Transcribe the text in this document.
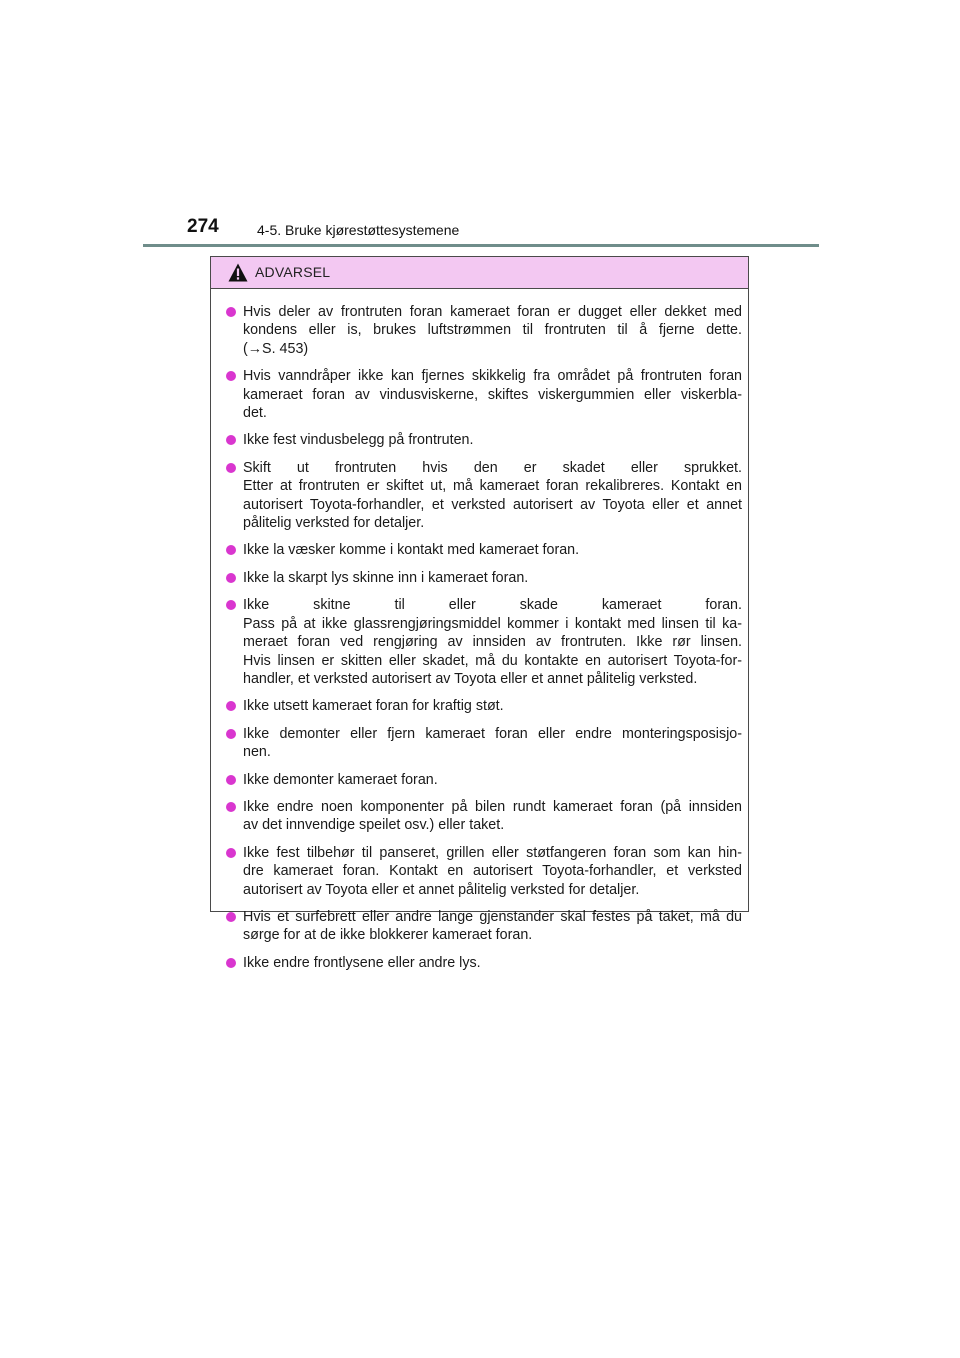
274	4-5. Bruke kjørestøttesystemene
ADVARSEL
Hvis deler av frontruten foran kameraet foran er dugget eller dekket med
kondens eller is, brukes luftstrømmen til frontruten til å fjerne dette.
(→S. 453)
Hvis vanndråper ikke kan fjernes skikkelig fra området på frontruten foran
kameraet foran av vindusviskerne, skiftes viskergummien eller viskerbla-
det.
Ikke fest vindusbelegg på frontruten.
Skift ut frontruten hvis den er skadet eller sprukket.
Etter at frontruten er skiftet ut, må kameraet foran rekalibreres. Kontakt en
autorisert Toyota-forhandler, et verksted autorisert av Toyota eller et annet
pålitelig verksted for detaljer.
Ikke la væsker komme i kontakt med kameraet foran.
Ikke la skarpt lys skinne inn i kameraet foran.
Ikke skitne til eller skade kameraet foran.
Pass på at ikke glassrengjøringsmiddel kommer i kontakt med linsen til ka-
meraet foran ved rengjøring av innsiden av frontruten. Ikke rør linsen.
Hvis linsen er skitten eller skadet, må du kontakte en autorisert Toyota-for-
handler, et verksted autorisert av Toyota eller et annet pålitelig verksted.
Ikke utsett kameraet foran for kraftig støt.
Ikke demonter eller fjern kameraet foran eller endre monteringsposisjo-
nen.
Ikke demonter kameraet foran.
Ikke endre noen komponenter på bilen rundt kameraet foran (på innsiden
av det innvendige speilet osv.) eller taket.
Ikke fest tilbehør til panseret, grillen eller støtfangeren foran som kan hin-
dre kameraet foran. Kontakt en autorisert Toyota-forhandler, et verksted
autorisert av Toyota eller et annet pålitelig verksted for detaljer.
Hvis et surfebrett eller andre lange gjenstander skal festes på taket, må du
sørge for at de ikke blokkerer kameraet foran.
Ikke endre frontlysene eller andre lys.
